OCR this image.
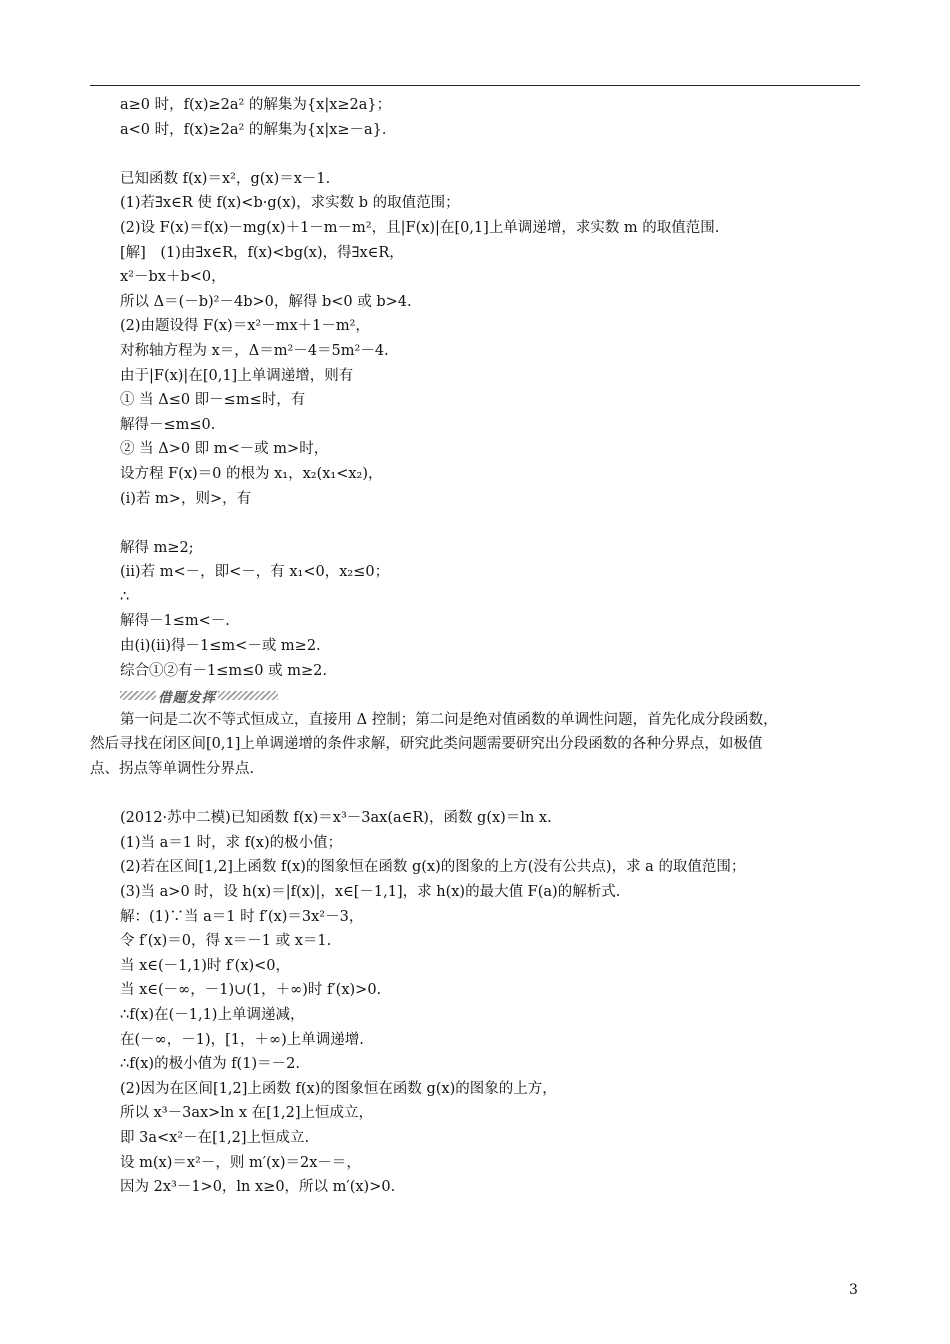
a≥0 时，f(x)≥2a² 的解集为{x|x≥2a}；
a<0 时，f(x)≥2a² 的解集为{x|x≥－a}．
已知函数 f(x)＝x²，g(x)＝x－1.
(1)若∃x∈R 使 f(x)<b·g(x)，求实数 b 的取值范围；
(2)设 F(x)＝f(x)－mg(x)＋1－m－m²，且|F(x)|在[0,1]上单调递增，求实数 m 的取值范围.
[解]　(1)由∃x∈R，f(x)<bg(x)，得∃x∈R，
x²－bx＋b<0，
所以 Δ＝(－b)²－4b>0，解得 b<0 或 b>4.
(2)由题设得 F(x)＝x²－mx＋1－m²，
对称轴方程为 x＝，Δ＝m²－4＝5m²－4.
由于|F(x)|在[0,1]上单调递增，则有
① 当 Δ≤0 即－≤m≤时，有
解得－≤m≤0.
② 当 Δ>0 即 m<－或 m>时，
设方程 F(x)＝0 的根为 x₁，x₂(x₁<x₂)，
(ⅰ)若 m>，则>，有
解得 m≥2;
(ⅱ)若 m<－，即<－，有 x₁<0，x₂≤0；
∴
解得－1≤m<－.
由(ⅰ)(ⅱ)得－1≤m<－或 m≥2.
综合①②有－1≤m≤0 或 m≥2.
借题发挥
第一问是二次不等式恒成立，直接用 Δ 控制；第二问是绝对值函数的单调性问题，首先化成分段函数，
然后寻找在闭区间[0,1]上单调递增的条件求解，研究此类问题需要研究出分段函数的各种分界点，如极值
点、拐点等单调性分界点.
(2012·苏中二模)已知函数 f(x)＝x³－3ax(a∈R)，函数 g(x)＝ln x.
(1)当 a＝1 时，求 f(x)的极小值；
(2)若在区间[1,2]上函数 f(x)的图象恒在函数 g(x)的图象的上方(没有公共点)，求 a 的取值范围；
(3)当 a>0 时，设 h(x)＝|f(x)|，x∈[－1,1]，求 h(x)的最大值 F(a)的解析式.
解：(1)∵当 a＝1 时 f′(x)＝3x²－3，
令 f′(x)＝0，得 x＝－1 或 x＝1.
当 x∈(－1,1)时 f′(x)<0，
当 x∈(－∞，－1)∪(1，＋∞)时 f′(x)>0.
∴f(x)在(－1,1)上单调递减，
在(－∞，－1)，[1，＋∞)上单调递增.
∴f(x)的极小值为 f(1)＝－2.
(2)因为在区间[1,2]上函数 f(x)的图象恒在函数 g(x)的图象的上方，
所以 x³－3ax>ln x 在[1,2]上恒成立，
即 3a<x²－在[1,2]上恒成立.
设 m(x)＝x²－，则 m′(x)＝2x－＝，
因为 2x³－1>0，ln x≥0，所以 m′(x)>0.
3
